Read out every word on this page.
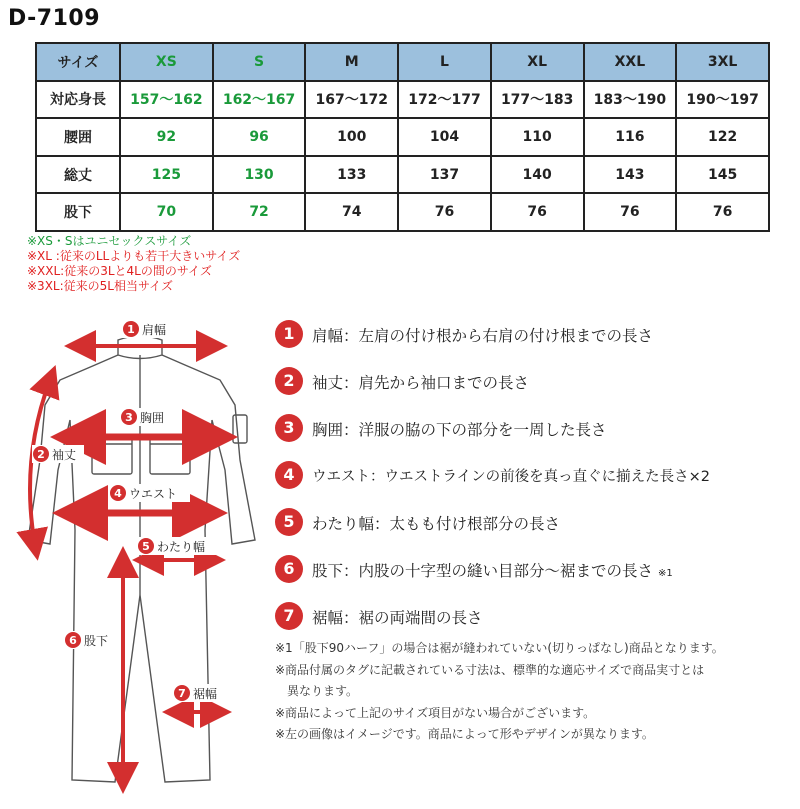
D-7109
サイズ	XS	S	M	L	XL	XXL	3XL
対応身長	157〜162	162〜167	167〜172	172〜177	177〜183	183〜190	190〜197
腰囲	92	96	100	104	110	116	122
総丈	125	130	133	137	140	143	145
股下	70	72	74	76	76	76	76
※XS・Sはユニセックスサイズ
※XL :従来のLLよりも若干大きいサイズ
※XXL:従来の3Lと4Lの間のサイズ
※3XL:従来の5L相当サイズ
1 肩幅
2 袖丈
3 胸囲
4 ウエスト
5 わたり幅
6 股下
7 裾幅
1	肩幅：左肩の付け根から右肩の付け根までの長さ
2	袖丈：肩先から袖口までの長さ
3	胸囲：洋服の脇の下の部分を一周した長さ
4	ウエスト：ウエストラインの前後を真っ直ぐに揃えた長さ×2
5	わたり幅：太もも付け根部分の長さ
6	股下：内股の十字型の縫い目部分〜裾までの長さ ※1
7	裾幅：裾の両端間の長さ
※1「股下90ハーフ」の場合は裾が縫われていない(切りっぱなし)商品となります。
※商品付属のタグに記載されている寸法は、標準的な適応サイズで商品実寸とは
　異なります。
※商品によって上記のサイズ項目がない場合がございます。
※左の画像はイメージです。商品によって形やデザインが異なります。
